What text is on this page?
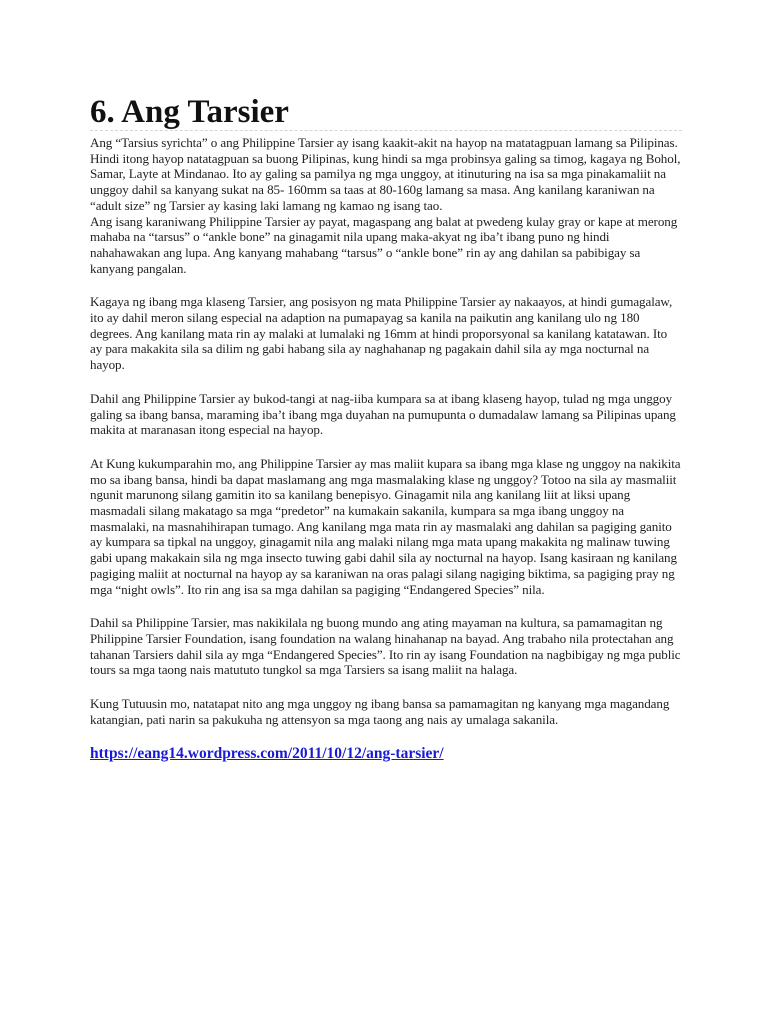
6. Ang Tarsier

Ang “Tarsius syrichta” o ang Philippine Tarsier ay isang kaakit-akit na hayop na matatagpuan lamang sa Pilipinas. Hindi itong hayop natatagpuan sa buong Pilipinas, kung hindi sa mga probinsya galing sa timog, kagaya ng Bohol, Samar, Layte at Mindanao. Ito ay galing sa pamilya ng mga unggoy, at itinuturing na isa sa mga pinakamaliit na unggoy dahil sa kanyang sukat na 85- 160mm sa taas at 80-160g lamang sa masa. Ang kanilang karaniwan na “adult size” ng Tarsier ay kasing laki lamang ng kamao ng isang tao.

Ang isang karaniwang Philippine Tarsier ay payat, magaspang ang balat at pwedeng kulay gray or kape at merong mahaba na “tarsus” o “ankle bone” na ginagamit nila upang maka-akyat ng iba’t ibang puno ng hindi nahahawakan ang lupa. Ang kanyang mahabang “tarsus” o “ankle bone” rin ay ang dahilan sa pabibigay sa kanyang pangalan.

Kagaya ng ibang mga klaseng Tarsier, ang posisyon ng mata Philippine Tarsier ay nakaayos, at hindi gumagalaw, ito ay dahil meron silang especial na adaption na pumapayag sa kanila na paikutin ang kanilang ulo ng 180 degrees. Ang kanilang mata rin ay malaki at lumalaki ng 16mm at hindi proporsyonal sa kanilang katatawan. Ito ay para makakita sila sa dilim ng gabi habang sila ay naghahanap ng pagakain dahil sila ay mga nocturnal na hayop.

Dahil ang Philippine Tarsier ay bukod-tangi at nag-iiba kumpara sa at ibang klaseng hayop, tulad ng mga unggoy galing sa ibang bansa, maraming iba’t ibang mga duyahan na pumupunta o dumadalaw lamang sa Pilipinas upang makita at maranasan itong especial na hayop.

At Kung kukumparahin mo, ang Philippine Tarsier ay mas maliit kupara sa ibang mga klase ng unggoy na nakikita mo sa ibang bansa, hindi ba dapat maslamang ang mga masmalaking klase ng unggoy? Totoo na sila ay masmaliit ngunit marunong silang gamitin ito sa kanilang benepisyo. Ginagamit nila ang kanilang liit at liksi upang masmadali silang makatago sa mga “predetor” na kumakain sakanila, kumpara sa mga ibang unggoy na masmalaki, na masnahihirapan tumago. Ang kanilang mga mata rin ay masmalaki ang dahilan sa pagiging ganito ay kumpara sa tipkal na unggoy, ginagamit nila ang malaki nilang mga mata upang makakita ng malinaw tuwing gabi upang makakain sila ng mga insecto tuwing gabi dahil sila ay nocturnal na hayop. Isang kasiraan ng kanilang pagiging maliit at nocturnal na hayop ay sa karaniwan na oras palagi silang nagiging biktima, sa pagiging pray ng mga “night owls”. Ito rin ang isa sa mga dahilan sa pagiging “Endangered Species” nila.

Dahil sa Philippine Tarsier, mas nakikilala ng buong mundo ang ating mayaman na kultura, sa pamamagitan ng Philippine Tarsier Foundation, isang foundation na walang hinahanap na bayad. Ang trabaho nila protectahan ang tahanan Tarsiers dahil sila ay mga “Endangered Species”. Ito rin ay isang Foundation na nagbibigay ng mga public tours sa mga taong nais matututo tungkol sa mga Tarsiers sa isang maliit na halaga.

Kung Tutuusin mo, natatapat nito ang mga unggoy ng ibang bansa sa pamamagitan ng kanyang mga magandang katangian, pati narin sa pakukuha ng attensyon sa mga taong ang nais ay umalaga sakanila.

https://eang14.wordpress.com/2011/10/12/ang-tarsier/
